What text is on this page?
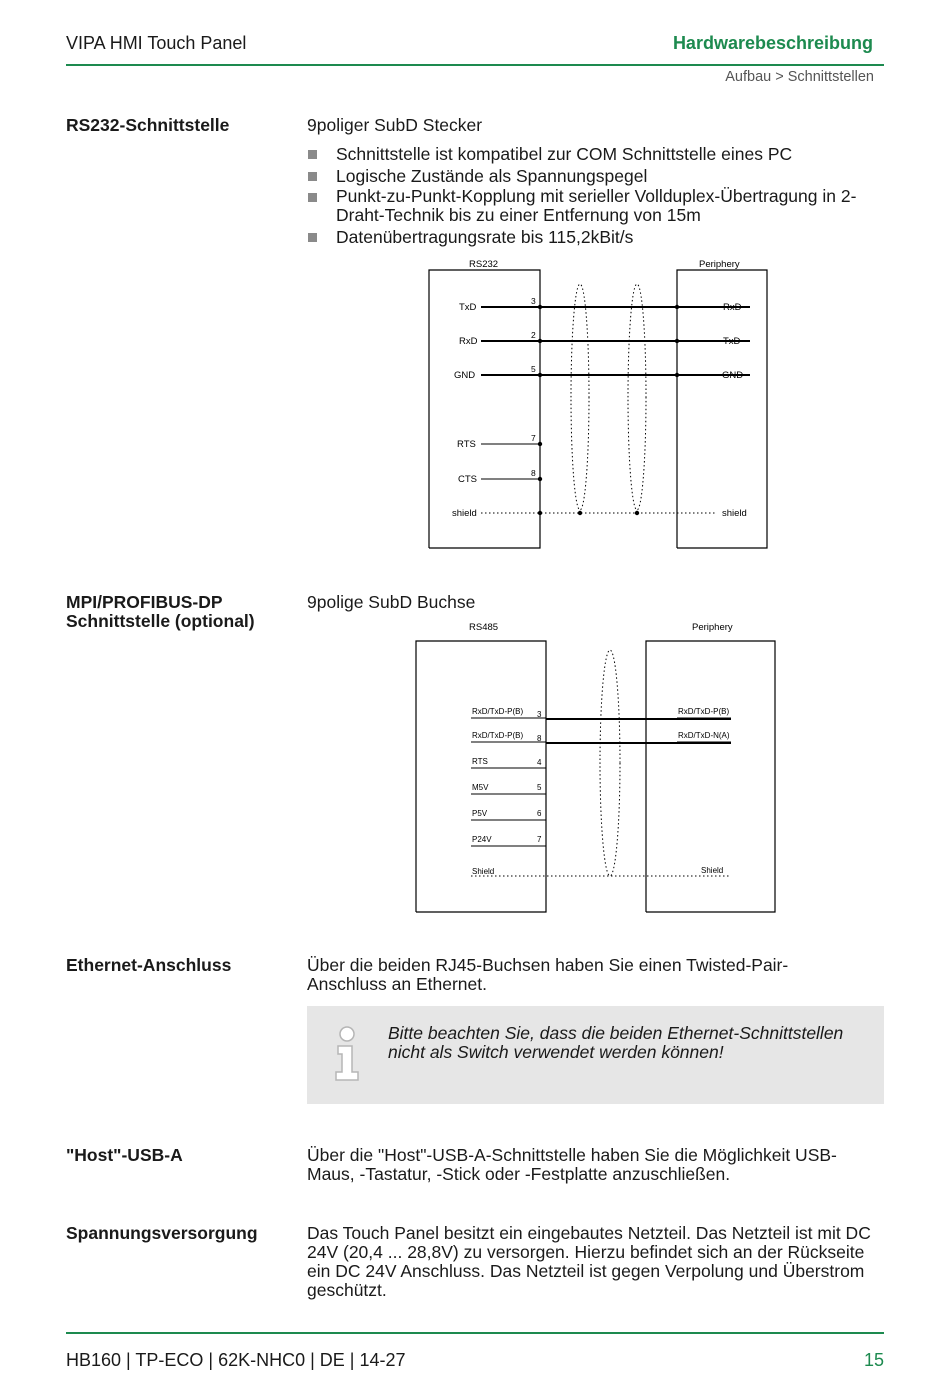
VIPA HMI Touch Panel	Hardwarebeschreibung
Aufbau > Schnittstellen
RS232-Schnittstelle	9poliger SubD Stecker
Schnittstelle ist kompatibel zur COM Schnittstelle eines PC
Logische Zustände als Spannungspegel
Punkt-zu-Punkt-Kopplung mit serieller Vollduplex-Übertragung in 2-Draht-Technik bis zu einer Entfernung von 15m
Datenübertragungsrate bis 115,2kBit/s
RS232	Periphery
TxD
RxD
GND
RTS
CTS
shield
3
2
5
7
8
RxD
TxD
GND
shield
RS485	Periphery
RxD/TxD-P(B)
RxD/TxD-P(B)
RTS
M5V
P5V
P24V
Shield
3
8
4
5
6
7
RxD/TxD-P(B)
RxD/TxD-N(A)
Shield
MPI/PROFIBUS-DP
Schnittstelle (optional)
9polige SubD Buchse
Ethernet-Anschluss	Über die beiden RJ45-Buchsen haben Sie einen Twisted-Pair-Anschluss an Ethernet.
Bitte beachten Sie, dass die beiden Ethernet-Schnittstellen nicht als Switch verwendet werden können!
"Host"-USB-A	Über die "Host"-USB-A-Schnittstelle haben Sie die Möglichkeit USB-Maus, -Tastatur, -Stick oder -Festplatte anzuschließen.
Spannungsversorgung	Das Touch Panel besitzt ein eingebautes Netzteil. Das Netzteil ist mit DC 24V (20,4 ... 28,8V) zu versorgen. Hierzu befindet sich an der Rückseite ein DC 24V Anschluss. Das Netzteil ist gegen Verpolung und Überstrom geschützt.
HB160 | TP-ECO | 62K-NHC0 | DE | 14-27	15
